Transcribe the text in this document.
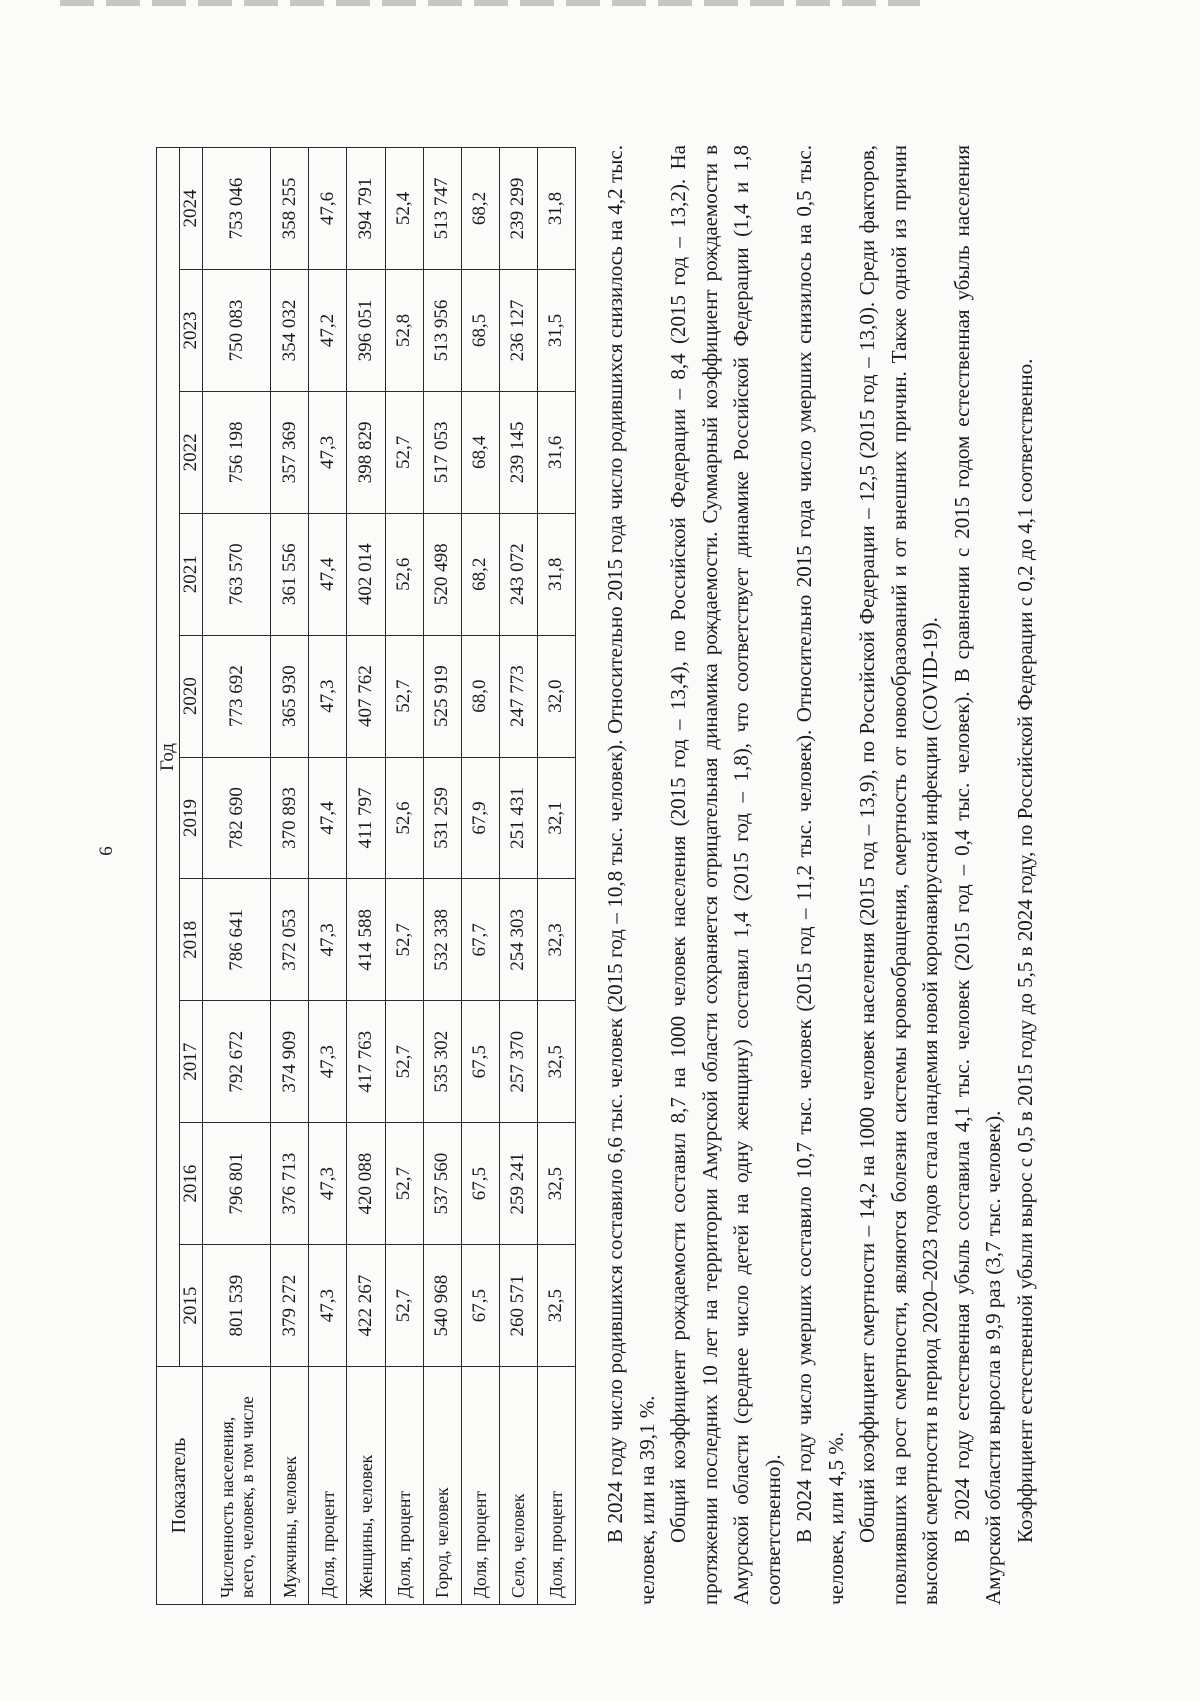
6
Показатель	Год									
	2015	2016	2017	2018	2019	2020	2021	2022	2023	2024
Численность населения, всего, человек, в том числе	801 539	796 801	792 672	786 641	782 690	773 692	763 570	756 198	750 083	753 046
Мужчины, человек	379 272	376 713	374 909	372 053	370 893	365 930	361 556	357 369	354 032	358 255
Доля, процент	47,3	47,3	47,3	47,3	47,4	47,3	47,4	47,3	47,2	47,6
Женщины, человек	422 267	420 088	417 763	414 588	411 797	407 762	402 014	398 829	396 051	394 791
Доля, процент	52,7	52,7	52,7	52,7	52,6	52,7	52,6	52,7	52,8	52,4
Город, человек	540 968	537 560	535 302	532 338	531 259	525 919	520 498	517 053	513 956	513 747
Доля, процент	67,5	67,5	67,5	67,7	67,9	68,0	68,2	68,4	68,5	68,2
Село, человек	260 571	259 241	257 370	254 303	251 431	247 773	243 072	239 145	236 127	239 299
Доля, процент	32,5	32,5	32,5	32,3	32,1	32,0	31,8	31,6	31,5	31,8 В 2024 году число родившихся составило 6,6 тыс. человек (2015 год – 10,8 тыс. человек). Относительно 2015 года число родившихся снизилось на 4,2 тыс. человек, или на 39,1 %. Общий коэффициент рождаемости составил 8,7 на 1000 человек населения (2015 год – 13,4), по Российской Федерации – 8,4 (2015 год – 13,2). На протяжении последних 10 лет на территории Амурской области сохраняется отрицательная динамика рождаемости. Суммарный коэффициент рождаемости в Амурской области (среднее число детей на одну женщину) составил 1,4 (2015 год – 1,8), что соответствует динамике Российской Федерации (1,4 и 1,8 соответственно). В 2024 году число умерших составило 10,7 тыс. человек (2015 год – 11,2 тыс. человек). Относительно 2015 года число умерших снизилось на 0,5 тыс. человек, или 4,5 %. Общий коэффициент смертности – 14,2 на 1000 человек населения (2015 год – 13,9), по Российской Федерации – 12,5 (2015 год – 13,0). Среди факторов, повлиявших на рост смертности, являются болезни системы кровообращения, смертность от новообразований и от внешних причин. Также одной из причин высокой смертности в период 2020–2023 годов стала пандемия новой коронавирусной инфекции (COVID-19). В 2024 году естественная убыль составила 4,1 тыс. человек (2015 год – 0,4 тыс. человек). В сравнении с 2015 годом естественная убыль населения Амурской области выросла в 9,9 раз (3,7 тыс. человек). Коэффициент естественной убыли вырос с 0,5 в 2015 году до 5,5 в 2024 году, по Российской Федерации с 0,2 до 4,1 соответственно.
